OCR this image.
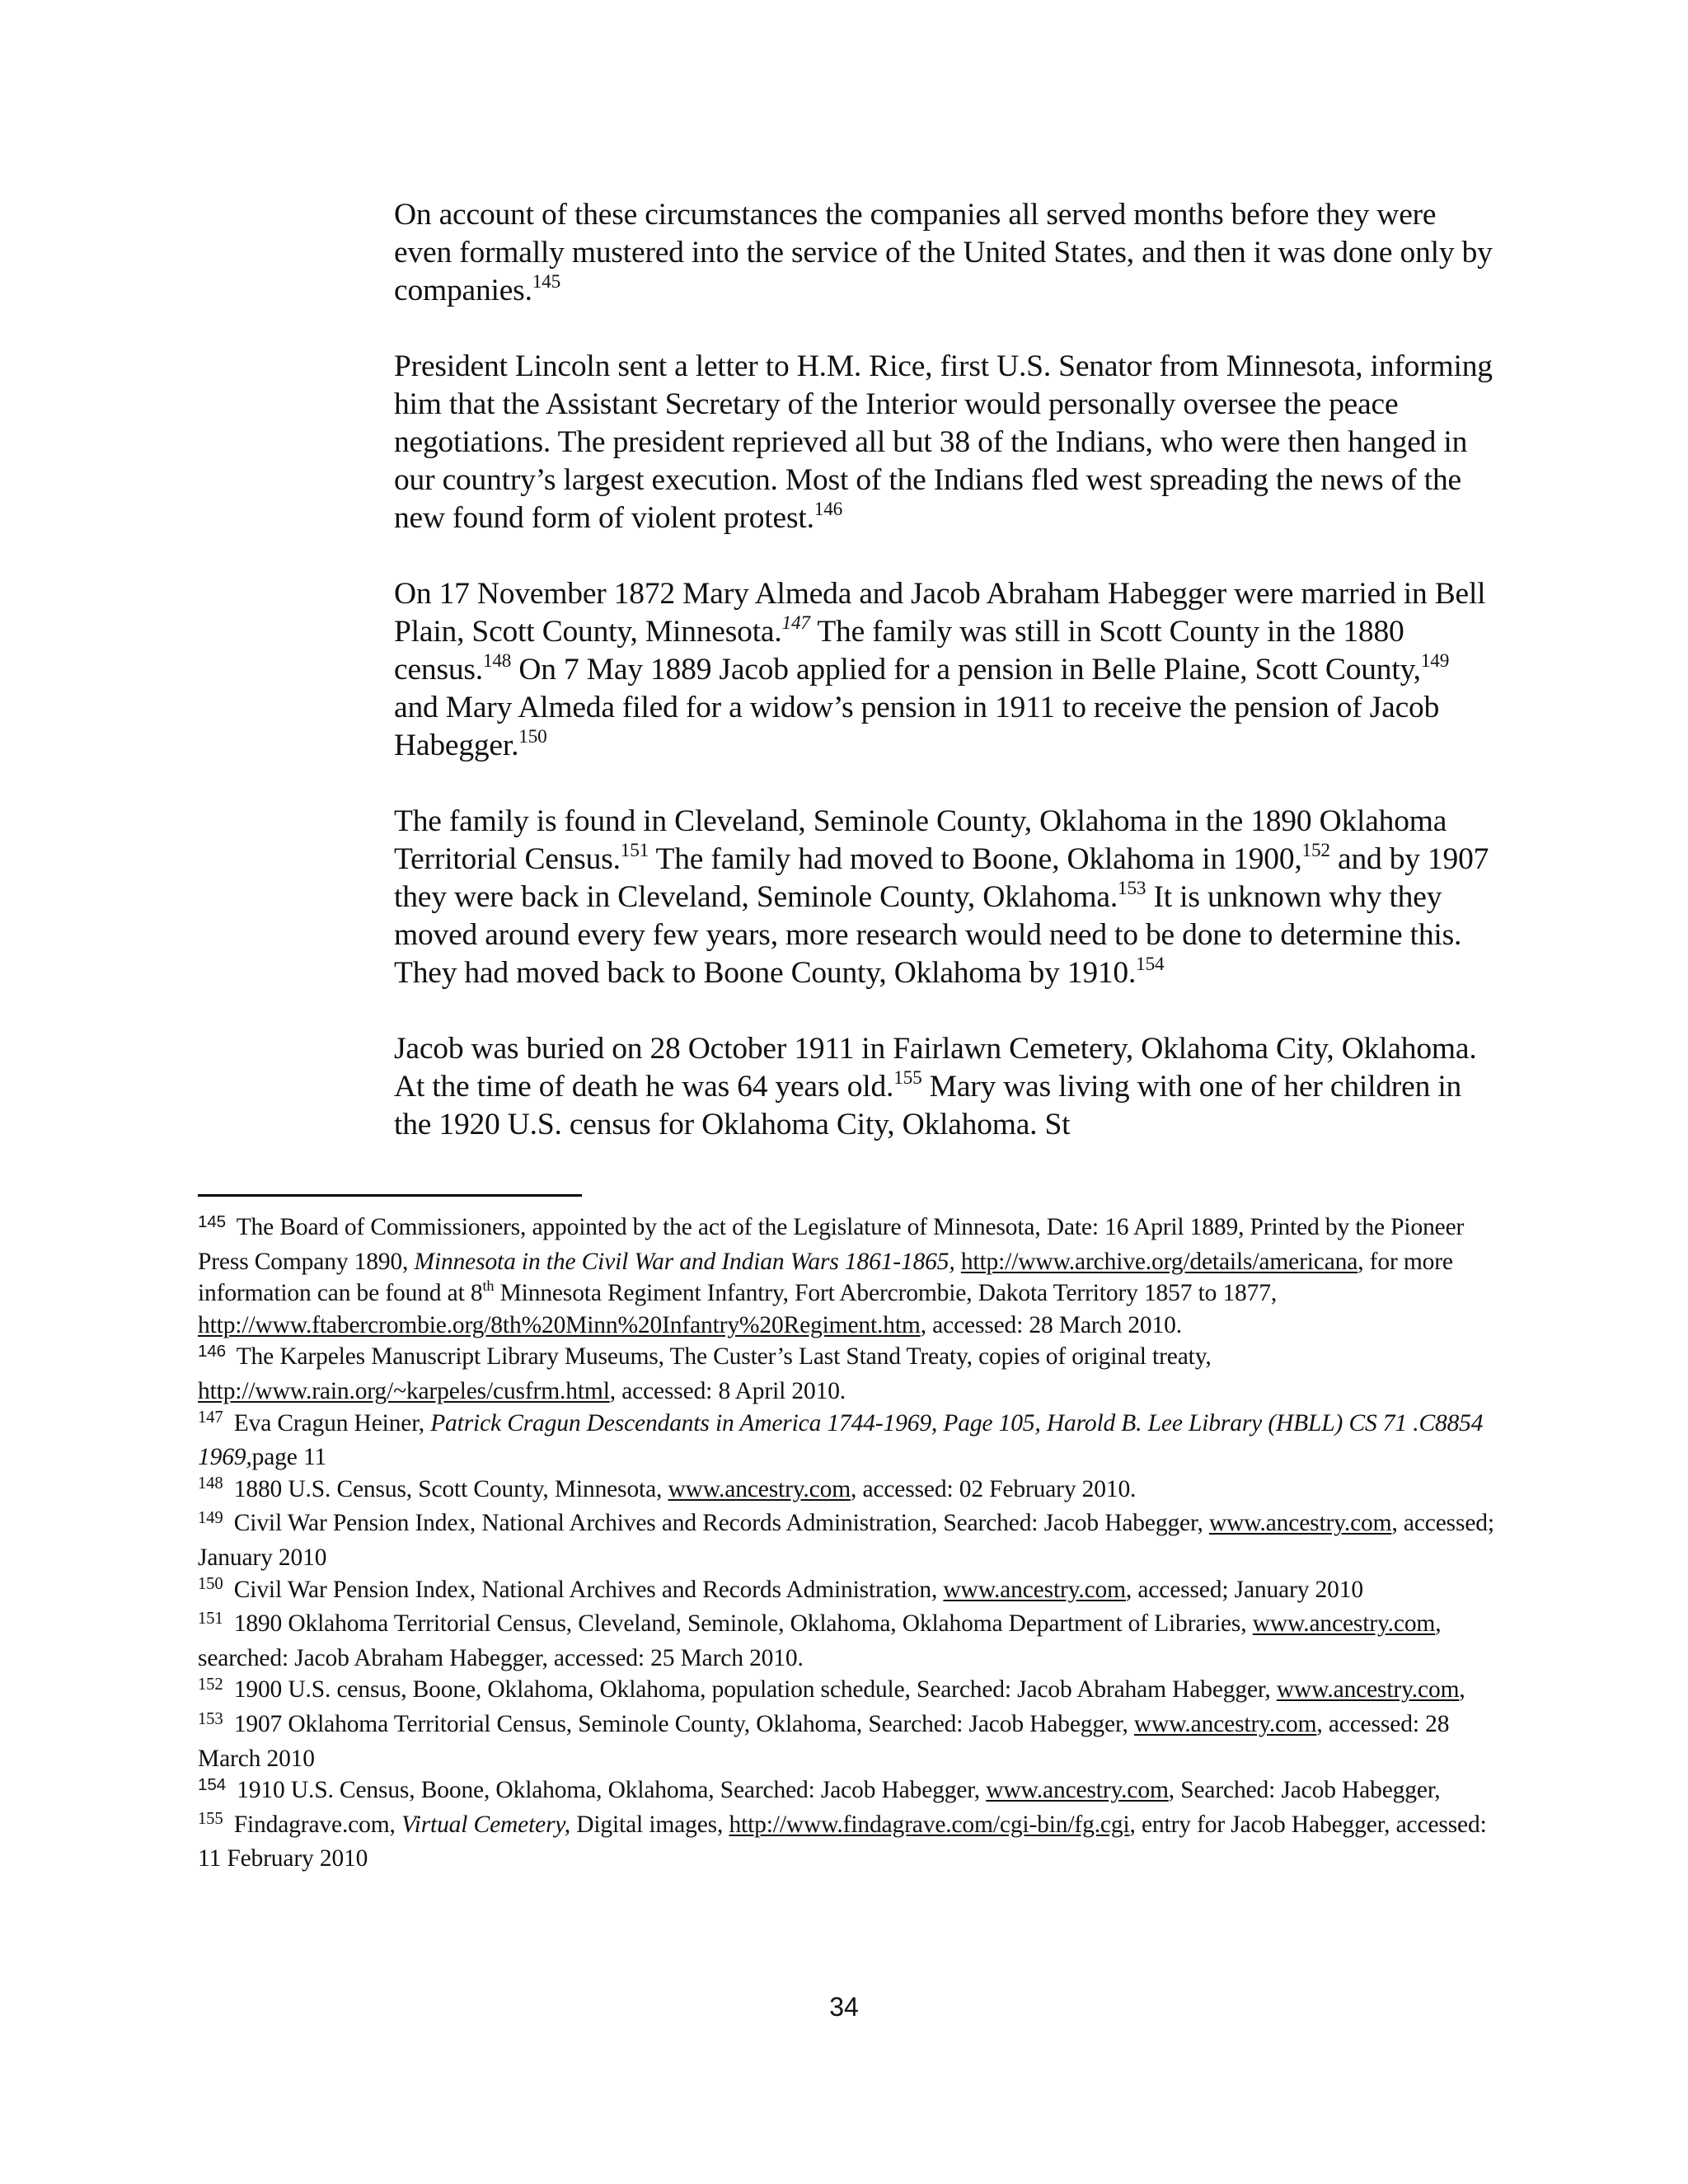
On account of these circumstances the companies all served months before they were even formally mustered into the service of the United States, and then it was done only by companies.$^{145}$

President Lincoln sent a letter to H.M. Rice, first U.S. Senator from Minnesota, informing him that the Assistant Secretary of the Interior would personally oversee the peace negotiations. The president reprieved all but 38 of the Indians, who were then hanged in our country’s largest execution. Most of the Indians fled west spreading the news of the new found form of violent protest.$^{146}$

On 17 November 1872 Mary Almeda and Jacob Abraham Habegger were married in Bell Plain, Scott County, Minnesota.$^{147}$ The family was still in Scott County in the 1880 census.$^{148}$ On 7 May 1889 Jacob applied for a pension in Belle Plaine, Scott County,$^{149}$ and Mary Almeda filed for a widow’s pension in 1911 to receive the pension of Jacob Habegger.$^{150}$

The family is found in Cleveland, Seminole County, Oklahoma in the 1890 Oklahoma Territorial Census.$^{151}$ The family had moved to Boone, Oklahoma in 1900,$^{152}$ and by 1907 they were back in Cleveland, Seminole County, Oklahoma.$^{153}$ It is unknown why they moved around every few years, more research would need to be done to determine this. They had moved back to Boone County, Oklahoma by 1910.$^{154}$

Jacob was buried on 28 October 1911 in Fairlawn Cemetery, Oklahoma City, Oklahoma. At the time of death he was 64 years old.$^{155}$ Mary was living with one of her children in the 1920 U.S. census for Oklahoma City, Oklahoma. St

$^{145}$ The Board of Commissioners, appointed by the act of the Legislature of Minnesota, Date: 16 April 1889, Printed by the Pioneer Press Company 1890, Minnesota in the Civil War and Indian Wars 1861-1865, http://www.archive.org/details/americana, for more information can be found at 8th Minnesota Regiment Infantry, Fort Abercrombie, Dakota Territory 1857 to 1877, http://www.ftabercrombie.org/8th%20Minn%20Infantry%20Regiment.htm, accessed: 28 March 2010.

$^{146}$ The Karpeles Manuscript Library Museums, The Custer’s Last Stand Treaty, copies of original treaty, http://www.rain.org/~karpeles/cusfrm.html, accessed: 8 April 2010.

$^{147}$ Eva Cragun Heiner, Patrick Cragun Descendants in America 1744-1969, Page 105, Harold B. Lee Library (HBLL) CS 71 .C8854 1969,page 11

$^{148}$ 1880 U.S. Census, Scott County, Minnesota, www.ancestry.com, accessed: 02 February 2010.

$^{149}$ Civil War Pension Index, National Archives and Records Administration, Searched: Jacob Habegger, www.ancestry.com, accessed; January 2010

$^{150}$ Civil War Pension Index, National Archives and Records Administration, www.ancestry.com, accessed; January 2010

$^{151}$ 1890 Oklahoma Territorial Census, Cleveland, Seminole, Oklahoma, Oklahoma Department of Libraries, www.ancestry.com, searched: Jacob Abraham Habegger, accessed: 25 March 2010.

$^{152}$ 1900 U.S. census, Boone, Oklahoma, Oklahoma, population schedule, Searched: Jacob Abraham Habegger, www.ancestry.com,

$^{153}$ 1907 Oklahoma Territorial Census, Seminole County, Oklahoma, Searched: Jacob Habegger, www.ancestry.com, accessed: 28 March 2010

$^{154}$ 1910 U.S. Census, Boone, Oklahoma, Oklahoma, Searched: Jacob Habegger, www.ancestry.com, Searched: Jacob Habegger,

$^{155}$ Findagrave.com, Virtual Cemetery, Digital images, http://www.findagrave.com/cgi-bin/fg.cgi, entry for Jacob Habegger, accessed: 11 February 2010

34
